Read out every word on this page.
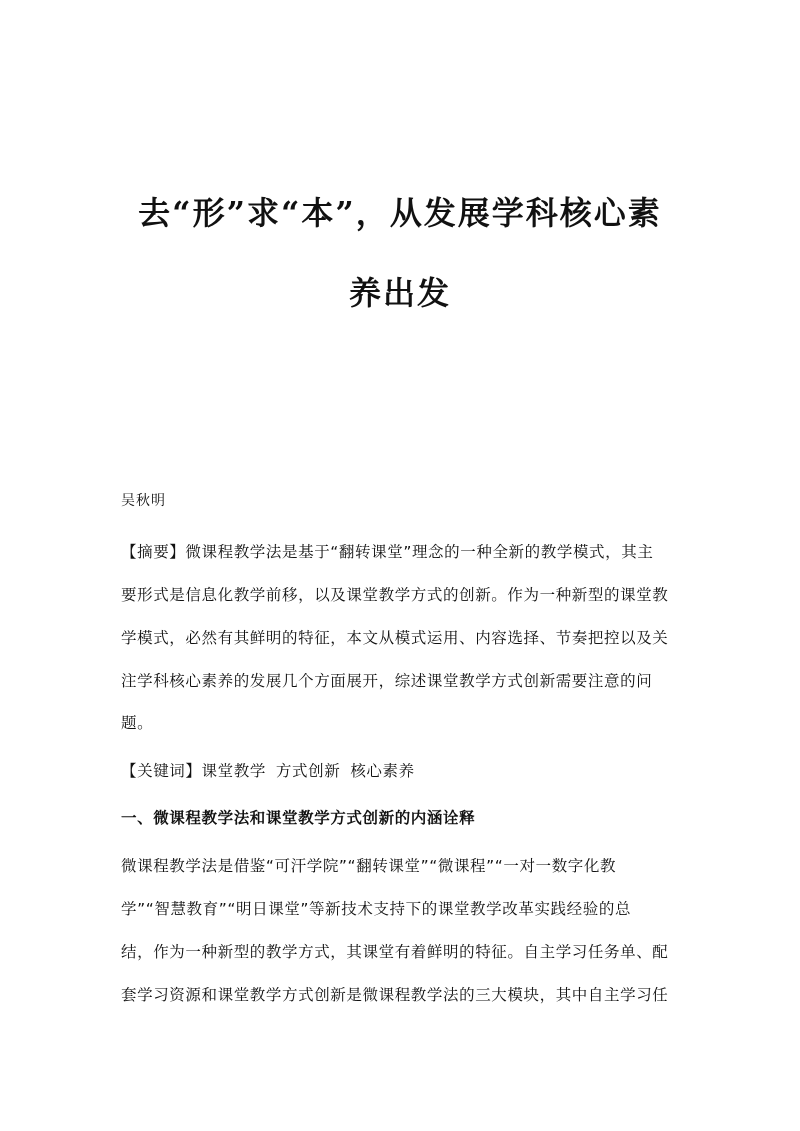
去“形”求“本”，从发展学科核心素
养出发

吴秋明

【摘要】微课程教学法是基于“翻转课堂”理念的一种全新的教学模式，其主

要形式是信息化教学前移，以及课堂教学方式的创新。作为一种新型的课堂教

学模式，必然有其鲜明的特征，本文从模式运用、内容选择、节奏把控以及关

注学科核心素养的发展几个方面展开，综述课堂教学方式创新需要注意的问

题。

【关键词】课堂教学 方式创新 核心素养

一、微课程教学法和课堂教学方式创新的内涵诠释

微课程教学法是借鉴“可汗学院”“翻转课堂”“微课程”“一对一数字化教

学”“智慧教育”“明日课堂”等新技术支持下的课堂教学改革实践经验的总

结，作为一种新型的教学方式，其课堂有着鲜明的特征。自主学习任务单、配

套学习资源和课堂教学方式创新是微课程教学法的三大模块，其中自主学习任
